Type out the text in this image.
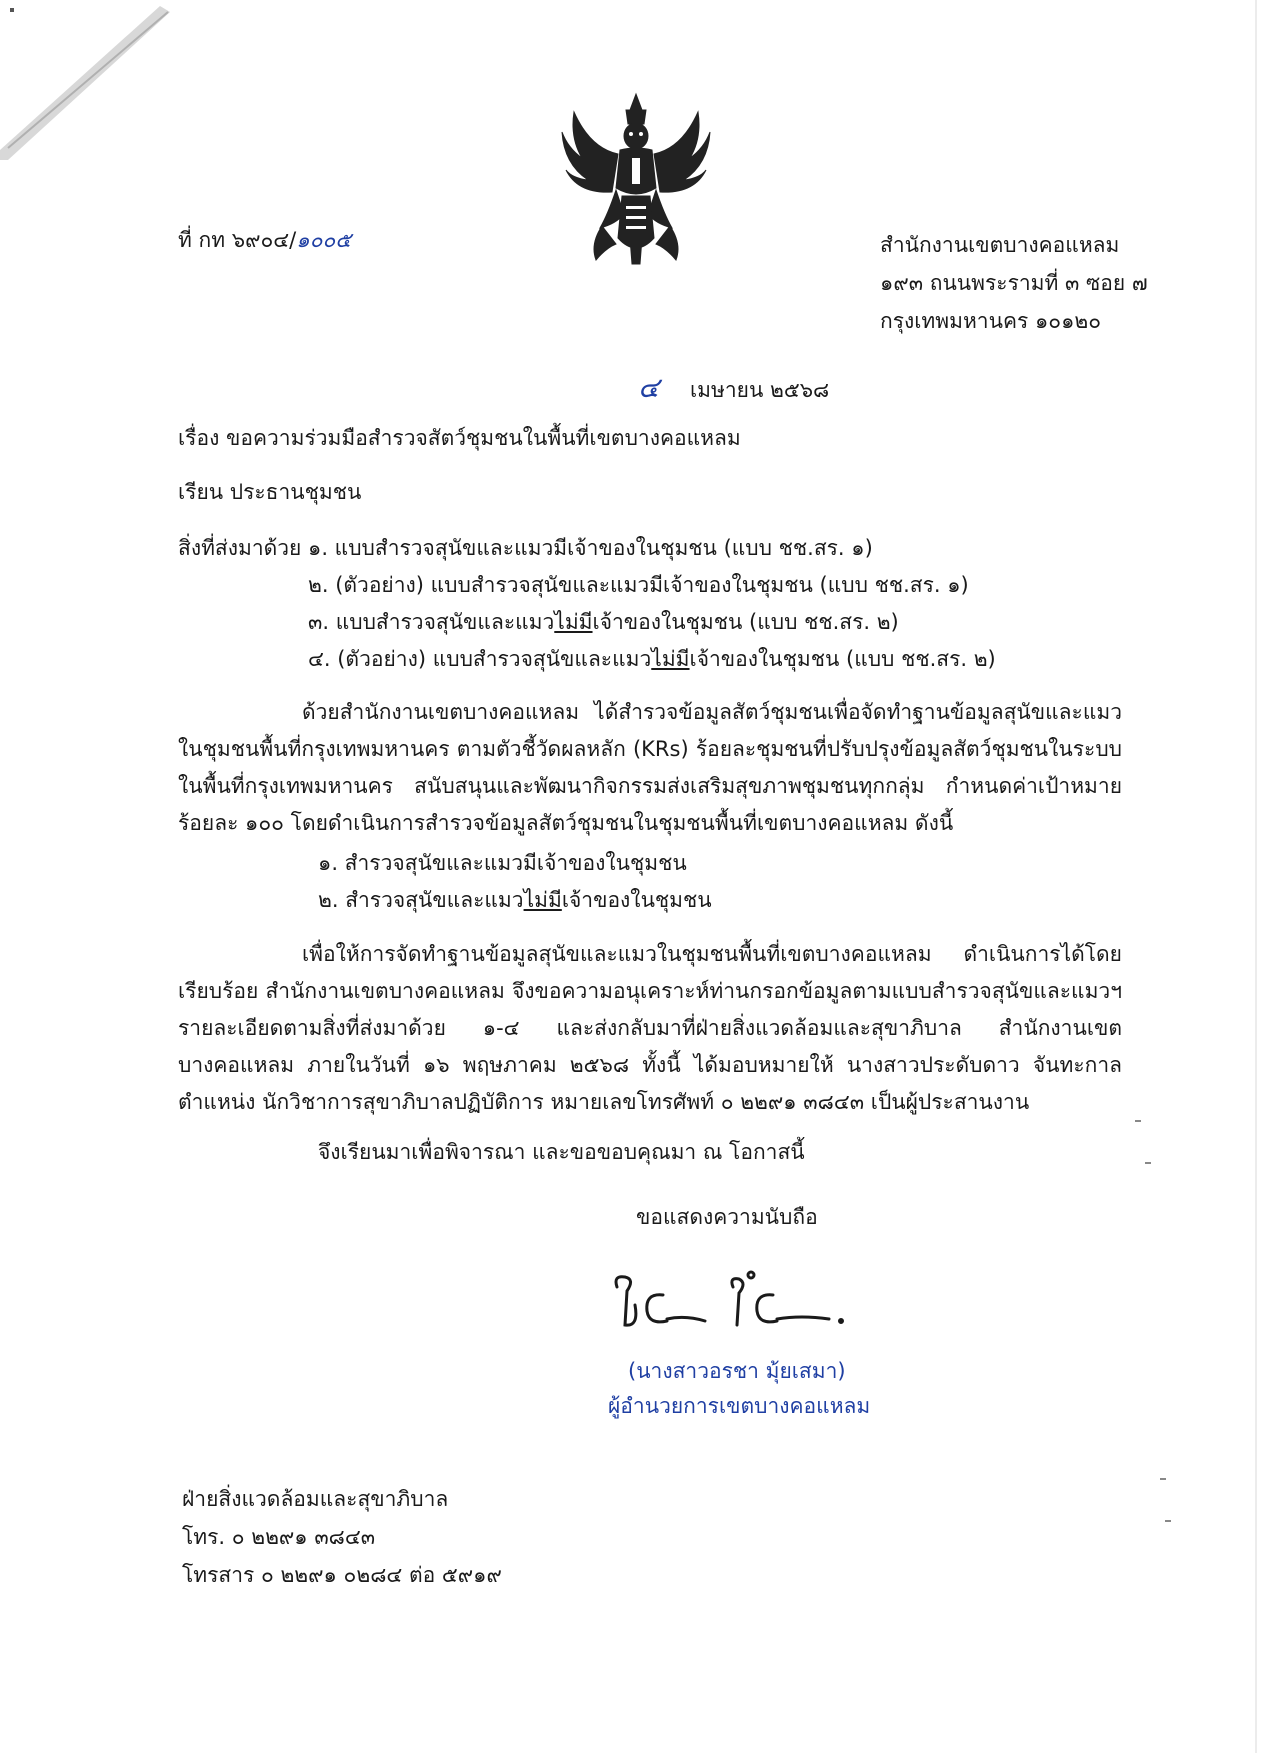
ที่ กท ๖๙๐๔/๑๐๐๕	สำนักงานเขตบางคอแหลม
๑๙๓ ถนนพระรามที่ ๓ ซอย ๗
กรุงเทพมหานคร ๑๐๑๒๐
๔ เมษายน ๒๕๖๘
เรื่อง ขอความร่วมมือสำรวจสัตว์ชุมชนในพื้นที่เขตบางคอแหลม
เรียน ประธานชุมชน
สิ่งที่ส่งมาด้วย ๑. แบบสำรวจสุนัขและแมวมีเจ้าของในชุมชน (แบบ ชช.สร. ๑)
๒. (ตัวอย่าง) แบบสำรวจสุนัขและแมวมีเจ้าของในชุมชน (แบบ ชช.สร. ๑)
๓. แบบสำรวจสุนัขและแมวไม่มีเจ้าของในชุมชน (แบบ ชช.สร. ๒)
๔. (ตัวอย่าง) แบบสำรวจสุนัขและแมวไม่มีเจ้าของในชุมชน (แบบ ชช.สร. ๒)
ด้วยสำนักงานเขตบางคอแหลม ได้สำรวจข้อมูลสัตว์ชุมชนเพื่อจัดทำฐานข้อมูลสุนัขและแมวในชุมชนพื้นที่กรุงเทพมหานคร ตามตัวชี้วัดผลหลัก (KRs) ร้อยละชุมชนที่ปรับปรุงข้อมูลสัตว์ชุมชนในระบบในพื้นที่กรุงเทพมหานคร สนับสนุนและพัฒนากิจกรรมส่งเสริมสุขภาพชุมชนทุกกลุ่ม กำหนดค่าเป้าหมายร้อยละ ๑๐๐ โดยดำเนินการสำรวจข้อมูลสัตว์ชุมชนในชุมชนพื้นที่เขตบางคอแหลม ดังนี้
๑. สำรวจสุนัขและแมวมีเจ้าของในชุมชน
๒. สำรวจสุนัขและแมวไม่มีเจ้าของในชุมชน
เพื่อให้การจัดทำฐานข้อมูลสุนัขและแมวในชุมชนพื้นที่เขตบางคอแหลม ดำเนินการได้โดยเรียบร้อย สำนักงานเขตบางคอแหลม จึงขอความอนุเคราะห์ท่านกรอกข้อมูลตามแบบสำรวจสุนัขและแมวฯ รายละเอียดตามสิ่งที่ส่งมาด้วย ๑-๔ และส่งกลับมาที่ฝ่ายสิ่งแวดล้อมและสุขาภิบาล สำนักงานเขตบางคอแหลม ภายในวันที่ ๑๖ พฤษภาคม ๒๕๖๘ ทั้งนี้ ได้มอบหมายให้ นางสาวประดับดาว จันทะกาล ตำแหน่ง นักวิชาการสุขาภิบาลปฏิบัติการ หมายเลขโทรศัพท์ ๐ ๒๒๙๑ ๓๘๔๓ เป็นผู้ประสานงาน
จึงเรียนมาเพื่อพิจารณา และขอขอบคุณมา ณ โอกาสนี้
ขอแสดงความนับถือ
(นางสาวอรชา มุ้ยเสมา)
ผู้อำนวยการเขตบางคอแหลม
ฝ่ายสิ่งแวดล้อมและสุขาภิบาล
โทร. ๐ ๒๒๙๑ ๓๘๔๓
โทรสาร ๐ ๒๒๙๑ ๐๒๘๔ ต่อ ๕๙๑๙
